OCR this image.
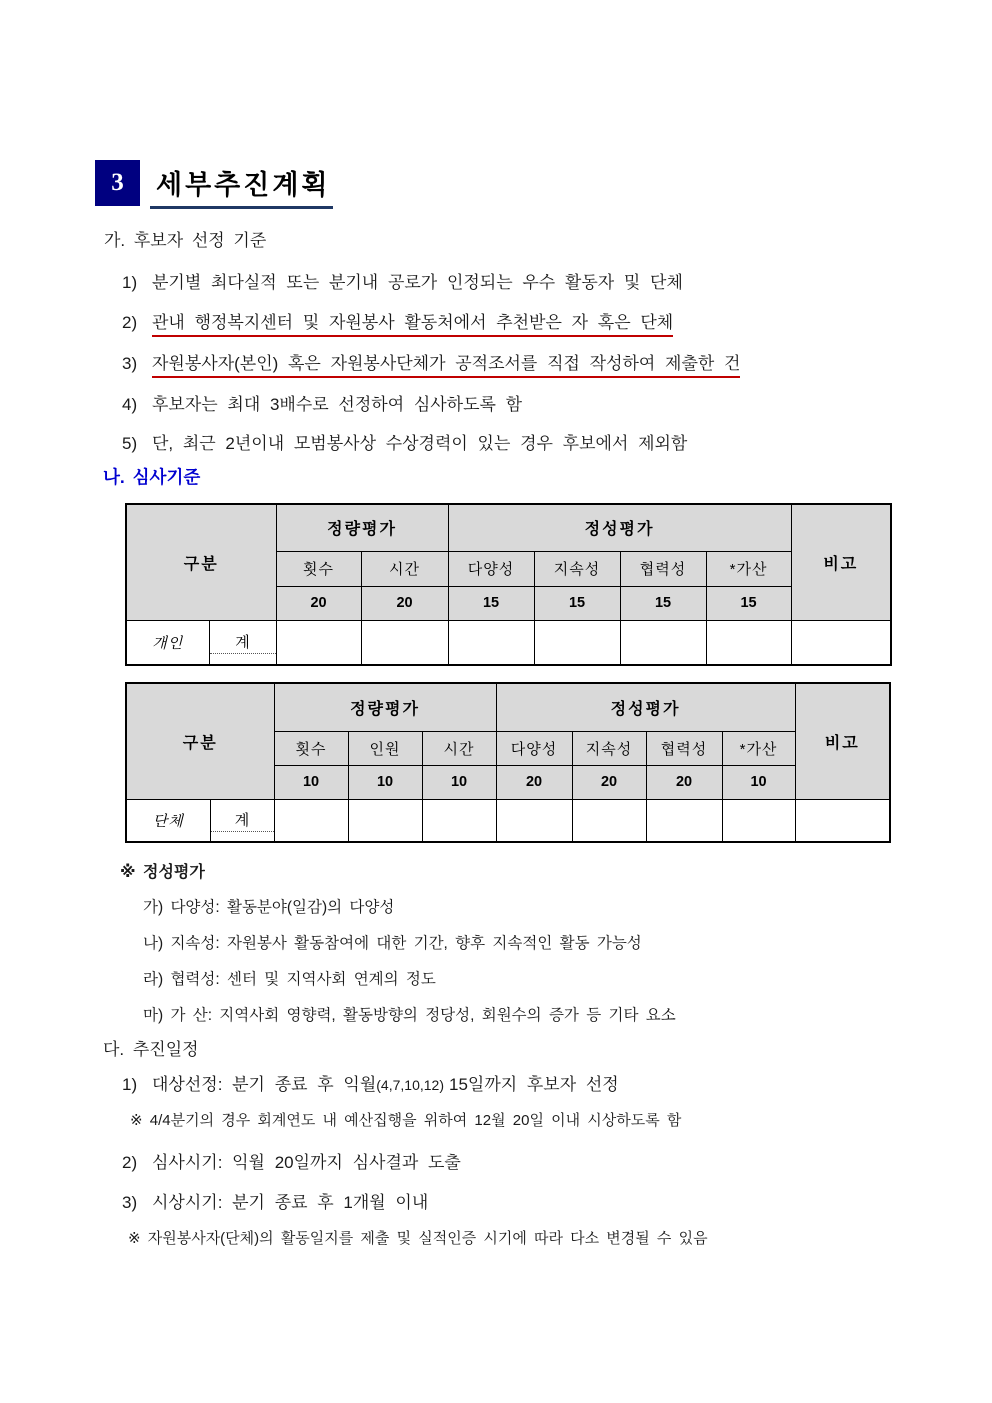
3 세부추진계획
가. 후보자 선정 기준
1) 분기별 최다실적 또는 분기내 공로가 인정되는 우수 활동자 및 단체
2) 관내 행정복지센터 및 자원봉사 활동처에서 추천받은 자 혹은 단체
3) 자원봉사자(본인) 혹은 자원봉사단체가 공적조서를 직접 작성하여 제출한 건
4) 후보자는 최대 3배수로 선정하여 심사하도록 함
5) 단, 최근 2년이내 모범봉사상 수상경력이 있는 경우 후보에서 제외함
나. 심사기준
구분		정량평가		정성평가				비고
		횟수	시간	다양성	지속성	협력성	*가산	
		20	20	15	15	15	15	
개인	계							

구분		정량평가			정성평가				비고
		횟수	인원	시간	다양성	지속성	협력성	*가산	
		10	10	10	20	20	20	10	
단체	계								

※ 정성평가
가) 다양성: 활동분야(일감)의 다양성
나) 지속성: 자원봉사 활동참여에 대한 기간, 향후 지속적인 활동 가능성
라) 협력성: 센터 및 지역사회 연계의 정도
마) 가 산: 지역사회 영향력, 활동방향의 정당성, 회원수의 증가 등 기타 요소
다. 추진일정
1) 대상선정: 분기 종료 후 익월(4,7,10,12) 15일까지 후보자 선정
※ 4/4분기의 경우 회계연도 내 예산집행을 위하여 12월 20일 이내 시상하도록 함
2) 심사시기: 익월 20일까지 심사결과 도출
3) 시상시기: 분기 종료 후 1개월 이내
※ 자원봉사자(단체)의 활동일지를 제출 및 실적인증 시기에 따라 다소 변경될 수 있음
